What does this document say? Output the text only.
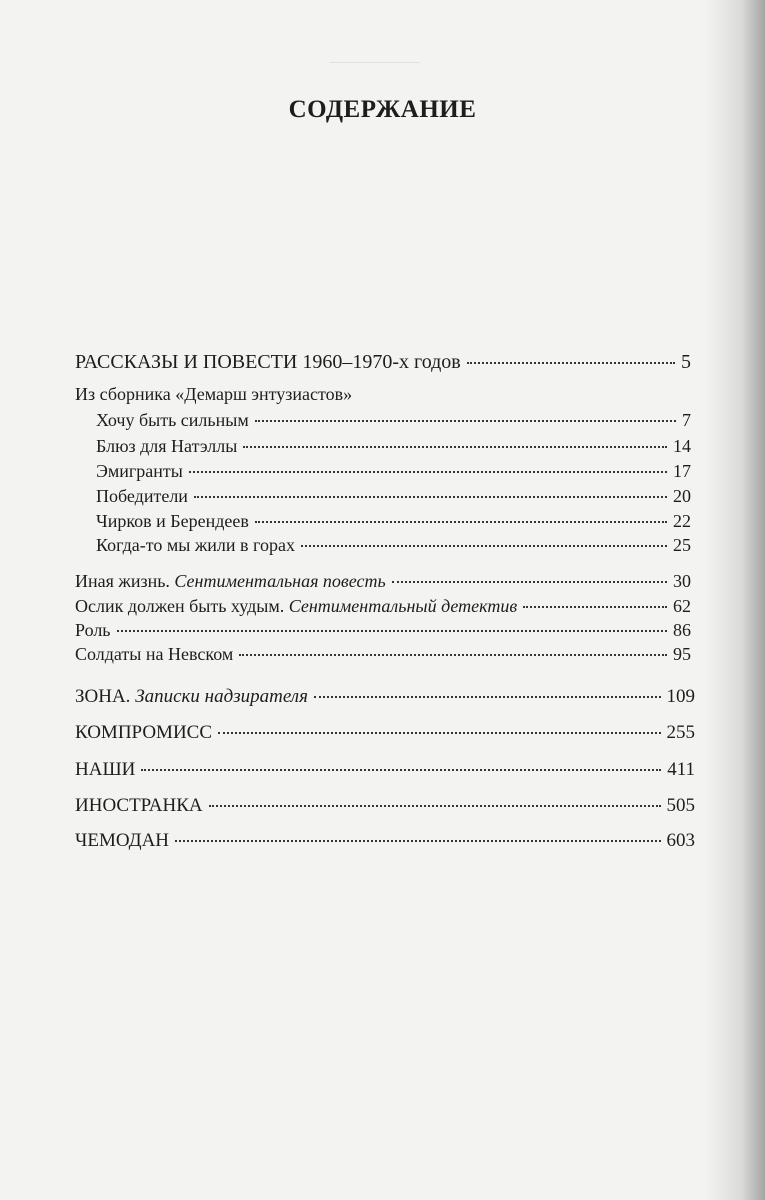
СОДЕРЖАНИЕ
РАССКАЗЫ И ПОВЕСТИ 1960–1970-х годов	5
Из сборника «Демарш энтузиастов»
Хочу быть сильным	7
Блюз для Натэллы	14
Эмигранты	17
Победители	20
Чирков и Берендеев	22
Когда-то мы жили в горах	25
Иная жизнь. Сентиментальная повесть	30
Ослик должен быть худым. Сентиментальный детектив	62
Роль	86
Солдаты на Невском	95
ЗОНА. Записки надзирателя	109
КОМПРОМИСС	255
НАШИ	411
ИНОСТРАНКА	505
ЧЕМОДАН	603
